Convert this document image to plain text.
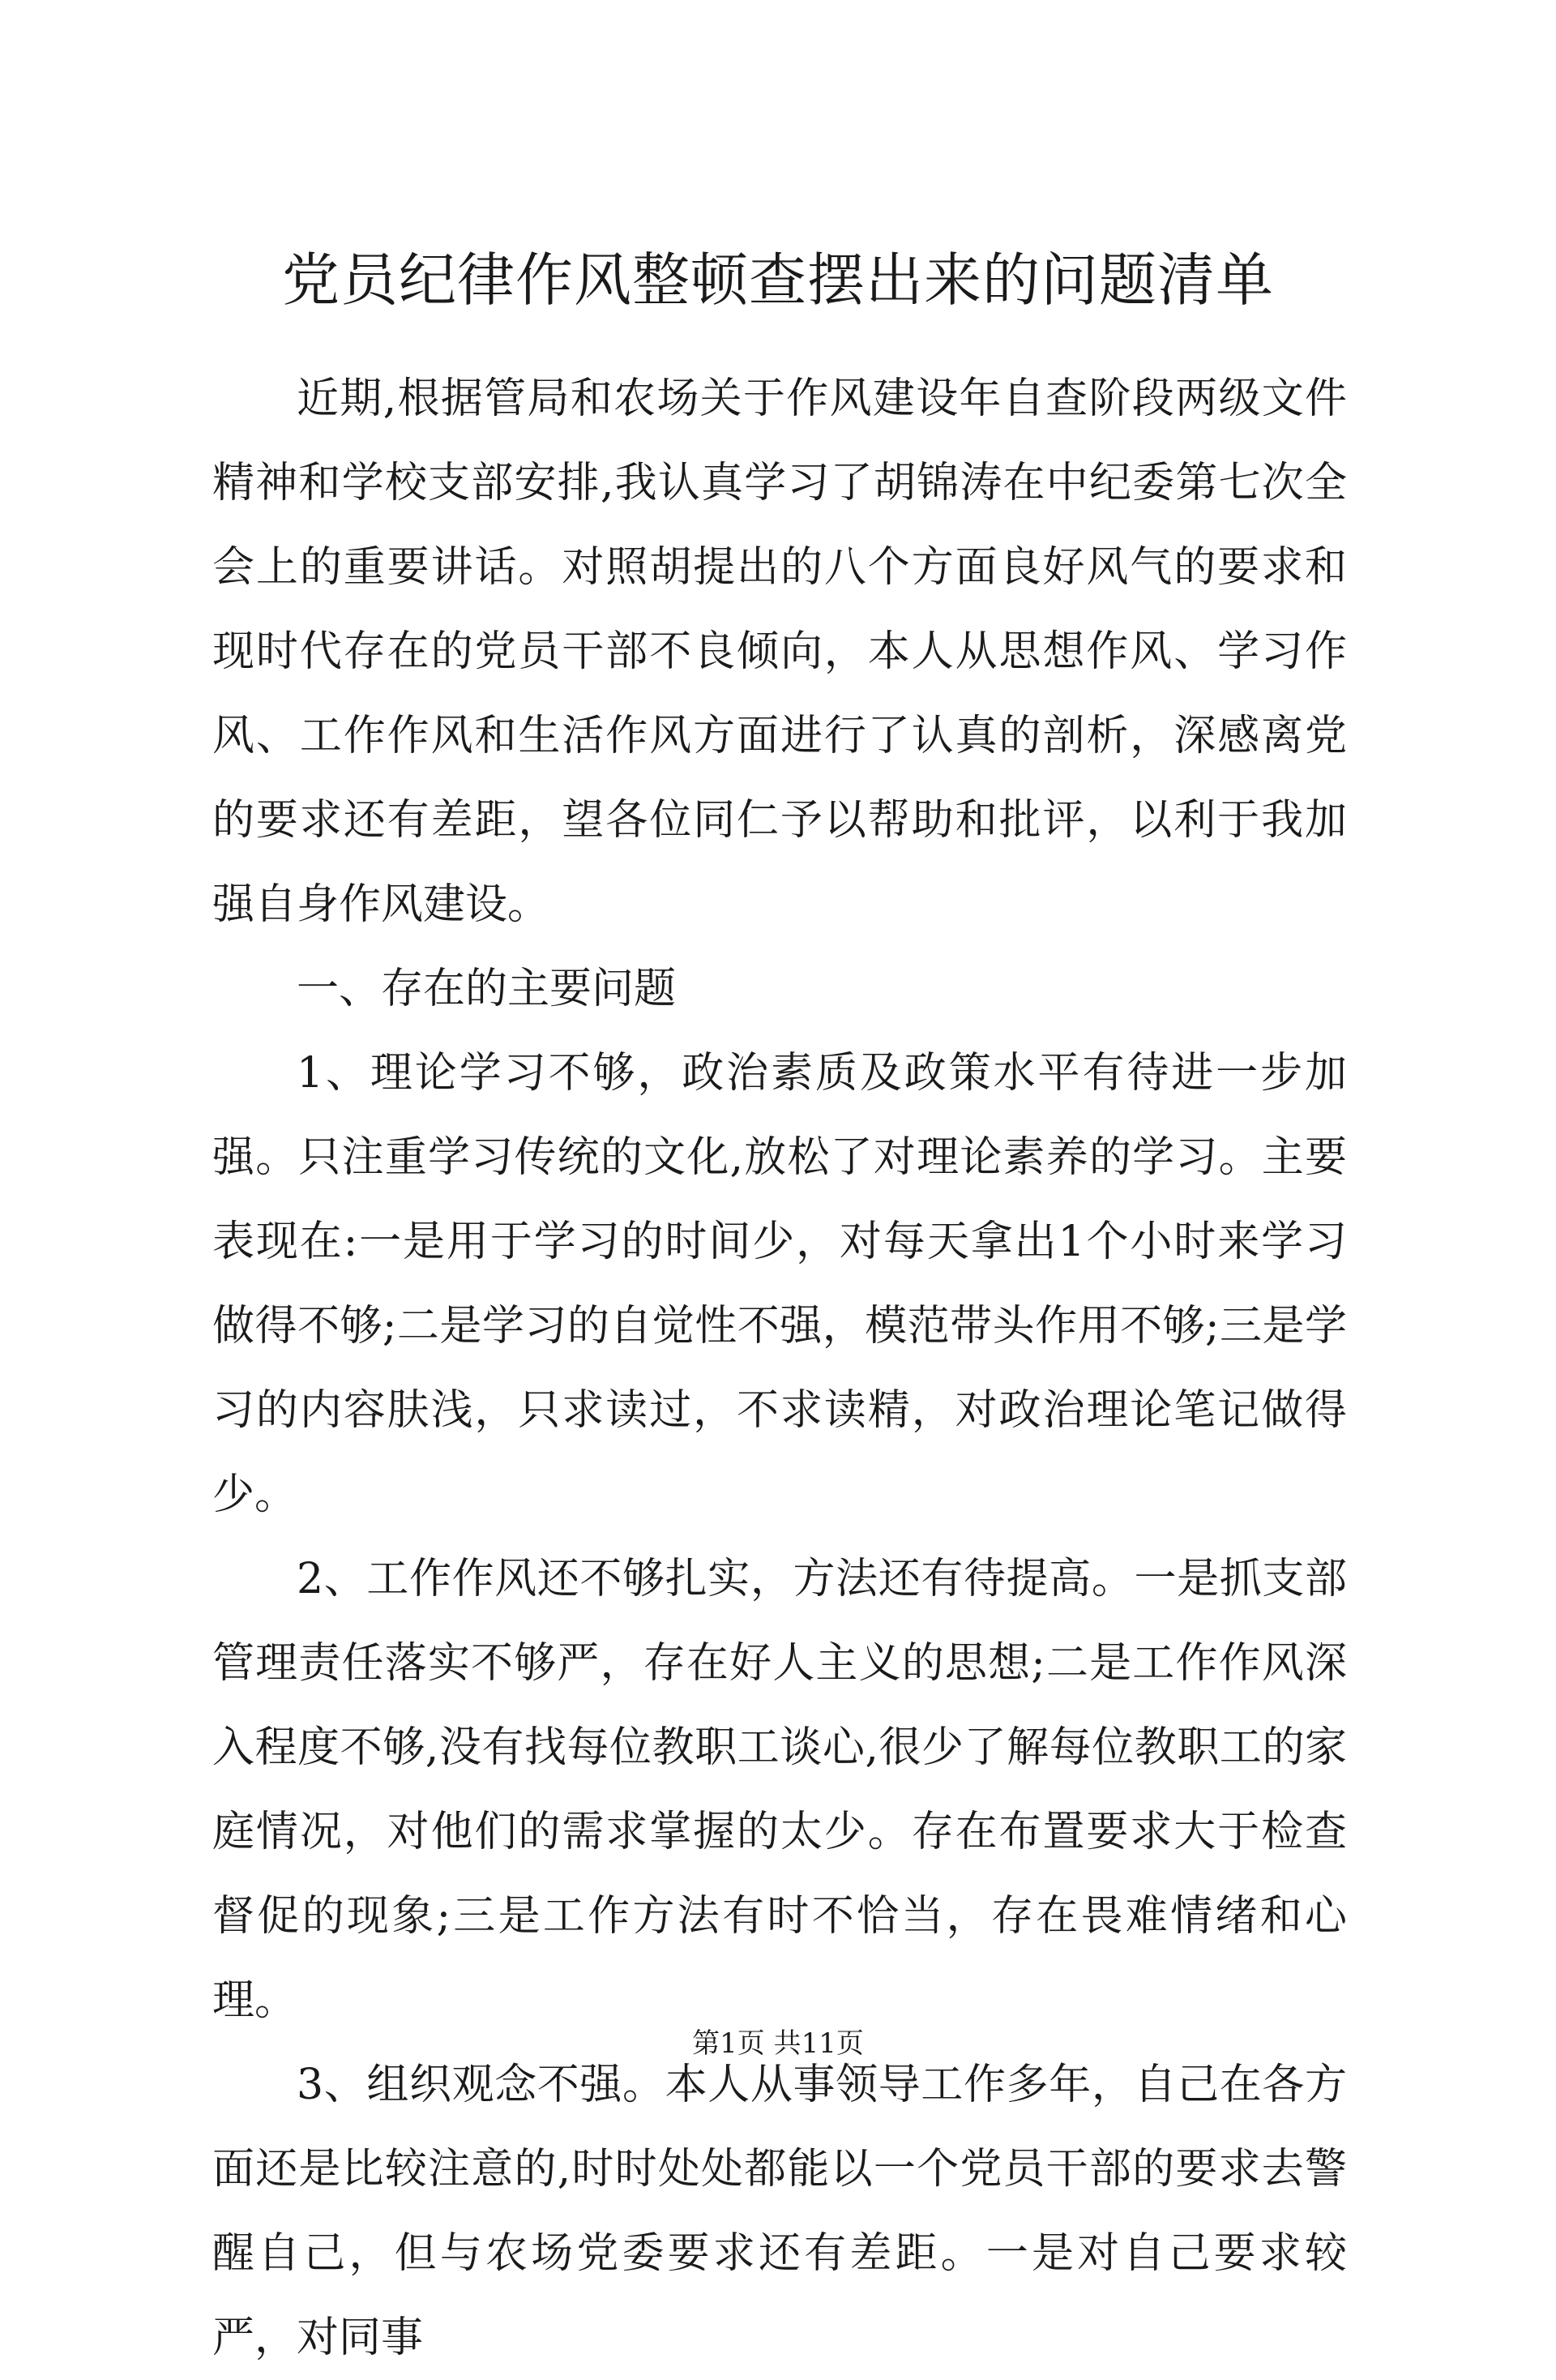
党员纪律作风整顿查摆出来的问题清单

近期,根据管局和农场关于作风建设年自查阶段两级文件精神和学校支部安排,我认真学习了胡锦涛在中纪委第七次全会上的重要讲话。对照胡提出的八个方面良好风气的要求和现时代存在的党员干部不良倾向，本人从思想作风、学习作风、工作作风和生活作风方面进行了认真的剖析，深感离党的要求还有差距，望各位同仁予以帮助和批评，以利于我加强自身作风建设。

一、存在的主要问题

1、理论学习不够，政治素质及政策水平有待进一步加强。只注重学习传统的文化,放松了对理论素养的学习。主要表现在:一是用于学习的时间少，对每天拿出1个小时来学习做得不够;二是学习的自觉性不强，模范带头作用不够;三是学习的内容肤浅，只求读过，不求读精，对政治理论笔记做得少。

2、工作作风还不够扎实，方法还有待提高。一是抓支部管理责任落实不够严，存在好人主义的思想;二是工作作风深入程度不够,没有找每位教职工谈心,很少了解每位教职工的家庭情况，对他们的需求掌握的太少。存在布置要求大于检查督促的现象;三是工作方法有时不恰当，存在畏难情绪和心理。

3、组织观念不强。本人从事领导工作多年，自己在各方面还是比较注意的,时时处处都能以一个党员干部的要求去警醒自己，但与农场党委要求还有差距。一是对自己要求较严，对同事

第1页 共11页
